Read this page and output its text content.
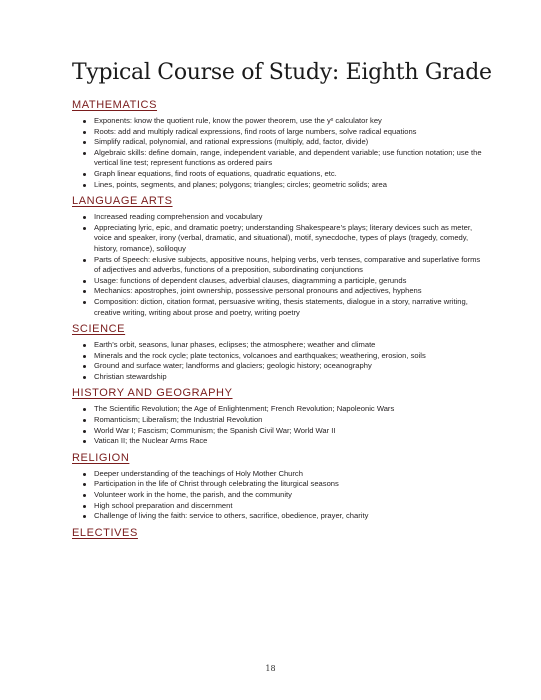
Typical Course of Study: Eighth Grade
MATHEMATICS
Exponents: know the quotient rule, know the power theorem, use the yˣ calculator key
Roots: add and multiply radical expressions, find roots of large numbers, solve radical equations
Simplify radical, polynomial, and rational expressions (multiply, add, factor, divide)
Algebraic skills: define domain, range, independent variable, and dependent variable; use function notation; use the vertical line test; represent functions as ordered pairs
Graph linear equations, find roots of equations, quadratic equations, etc.
Lines, points, segments, and planes; polygons; triangles; circles; geometric solids; area
LANGUAGE ARTS
Increased reading comprehension and vocabulary
Appreciating lyric, epic, and dramatic poetry; understanding Shakespeare’s plays; literary devices such as meter, voice and speaker, irony (verbal, dramatic, and situational), motif, synecdoche, types of plays (tragedy, comedy, history, romance), soliloquy
Parts of Speech: elusive subjects, appositive nouns, helping verbs, verb tenses, comparative and superlative forms of adjectives and adverbs, functions of a preposition, subordinating conjunctions
Usage: functions of dependent clauses, adverbial clauses, diagramming a participle, gerunds
Mechanics: apostrophes, joint ownership, possessive personal pronouns and adjectives, hyphens
Composition: diction, citation format, persuasive writing, thesis statements, dialogue in a story, narrative writing, creative writing, writing about prose and poetry, writing poetry
SCIENCE
Earth’s orbit, seasons, lunar phases, eclipses; the atmosphere; weather and climate
Minerals and the rock cycle; plate tectonics, volcanoes and earthquakes; weathering, erosion, soils
Ground and surface water; landforms and glaciers; geologic history; oceanography
Christian stewardship
HISTORY AND GEOGRAPHY
The Scientific Revolution; the Age of Enlightenment; French Revolution; Napoleonic Wars
Romanticism; Liberalism; the Industrial Revolution
World War I; Fascism; Communism; the Spanish Civil War; World War II
Vatican II; the Nuclear Arms Race
RELIGION
Deeper understanding of the teachings of Holy Mother Church
Participation in the life of Christ through celebrating the liturgical seasons
Volunteer work in the home, the parish, and the community
High school preparation and discernment
Challenge of living the faith: service to others, sacrifice, obedience, prayer, charity
ELECTIVES
18
